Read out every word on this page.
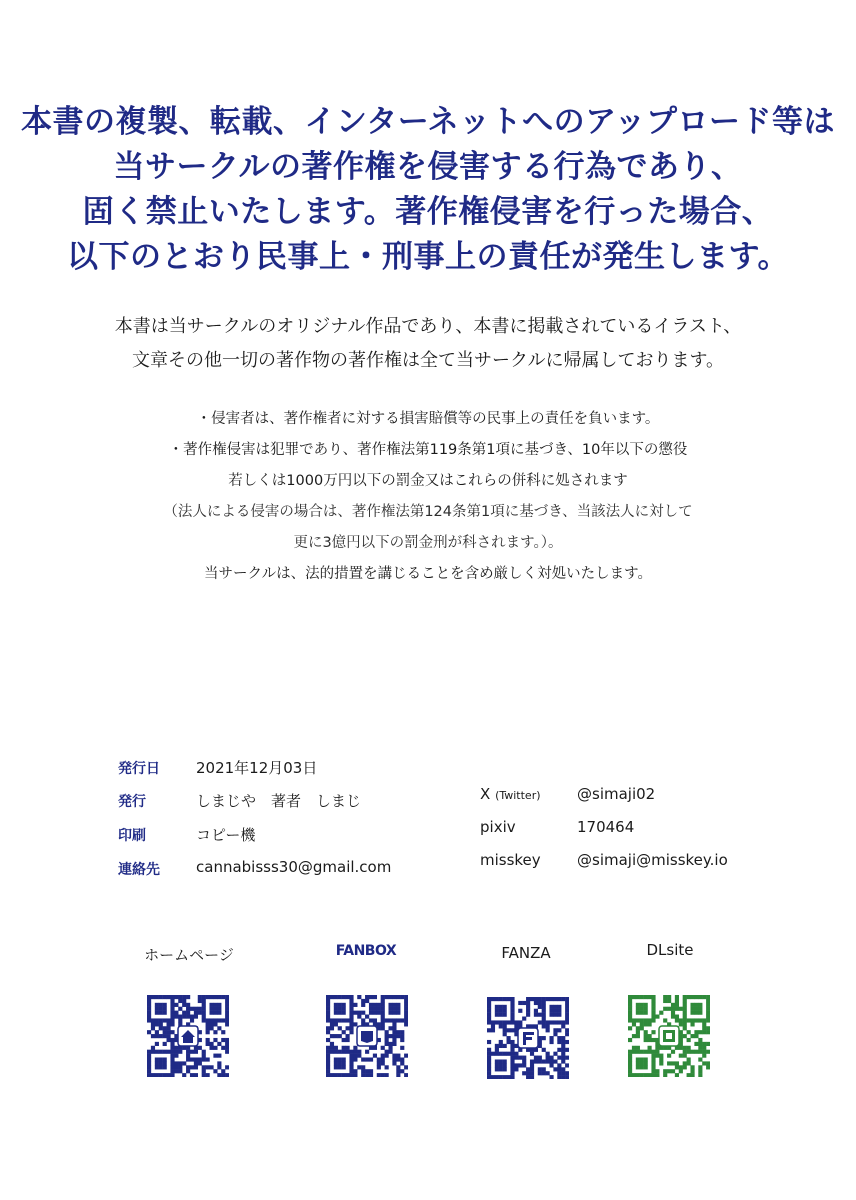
本書の複製、転載、インターネットへのアップロード等は
当サークルの著作権を侵害する行為であり、
固く禁止いたします。著作権侵害を行った場合、
以下のとおり民事上・刑事上の責任が発生します。
本書は当サークルのオリジナル作品であり、本書に掲載されているイラスト、
文章その他一切の著作物の著作権は全て当サークルに帰属しております。
・侵害者は、著作権者に対する損害賠償等の民事上の責任を負います。
・著作権侵害は犯罪であり、著作権法第119条第1項に基づき、10年以下の懲役
若しくは1000万円以下の罰金又はこれらの併科に処されます
（法人による侵害の場合は、著作権法第124条第1項に基づき、当該法人に対して
更に3億円以下の罰金刑が科されます。）。
当サークルは、法的措置を講じることを含め厳しく対処いたします。
発行日 2021年12月03日
発行	しまじや　著者　しまじ
印刷	コピー機
連絡先 cannabisss30@gmail.com
X (Twitter) @simaji02
pixiv	170464
misskey @simaji@misskey.io
ホームページ	FANBOX	FANZA	DLsite
